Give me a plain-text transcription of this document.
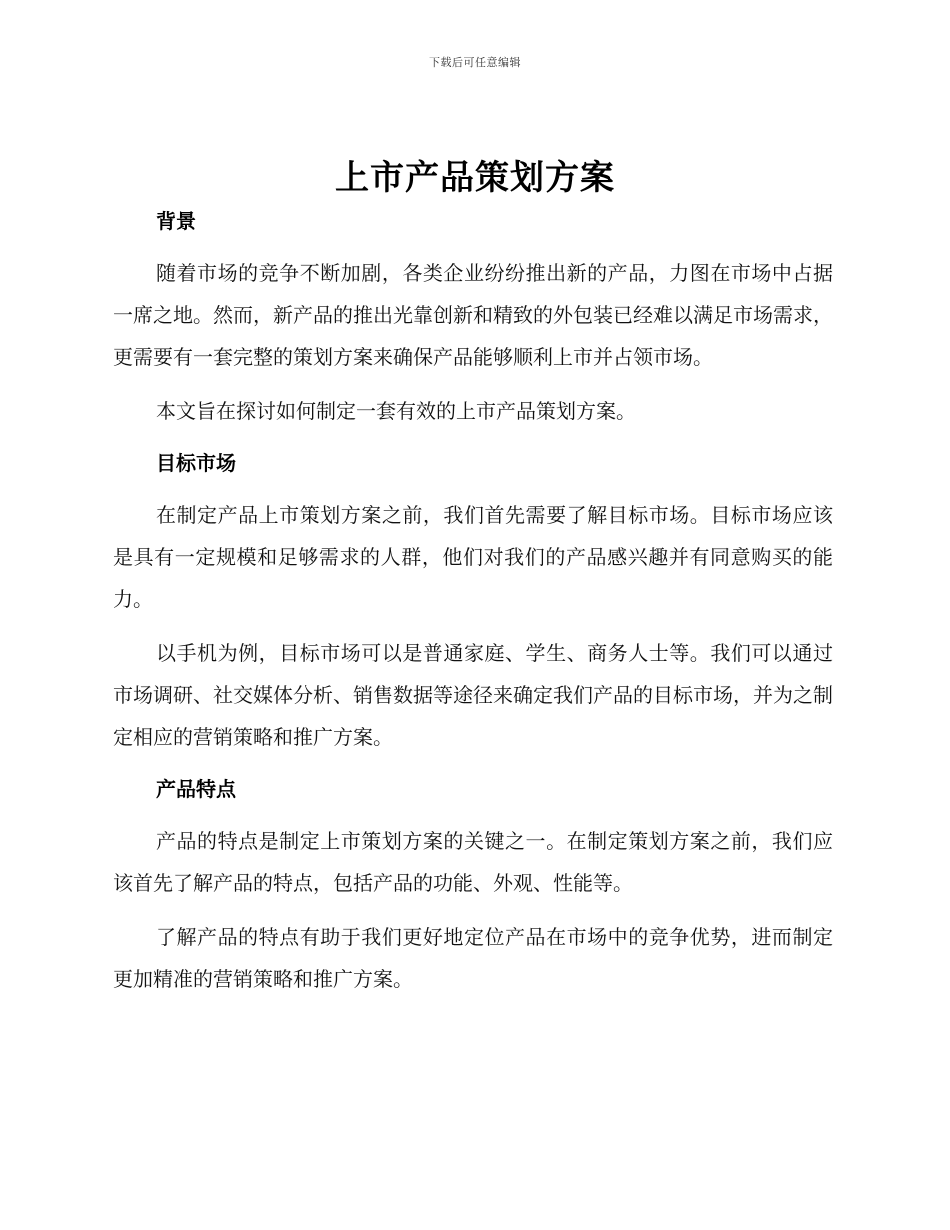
下载后可任意编辑
上市产品策划方案
背景

随着市场的竞争不断加剧，各类企业纷纷推出新的产品，力图在市场中占据一席之地。然而，新产品的推出光靠创新和精致的外包装已经难以满足市场需求，更需要有一套完整的策划方案来确保产品能够顺利上市并占领市场。

本文旨在探讨如何制定一套有效的上市产品策划方案。

目标市场

在制定产品上市策划方案之前，我们首先需要了解目标市场。目标市场应该是具有一定规模和足够需求的人群，他们对我们的产品感兴趣并有同意购买的能力。

以手机为例，目标市场可以是普通家庭、学生、商务人士等。我们可以通过市场调研、社交媒体分析、销售数据等途径来确定我们产品的目标市场，并为之制定相应的营销策略和推广方案。

产品特点

产品的特点是制定上市策划方案的关键之一。在制定策划方案之前，我们应该首先了解产品的特点，包括产品的功能、外观、性能等。

了解产品的特点有助于我们更好地定位产品在市场中的竞争优势，进而制定更加精准的营销策略和推广方案。
